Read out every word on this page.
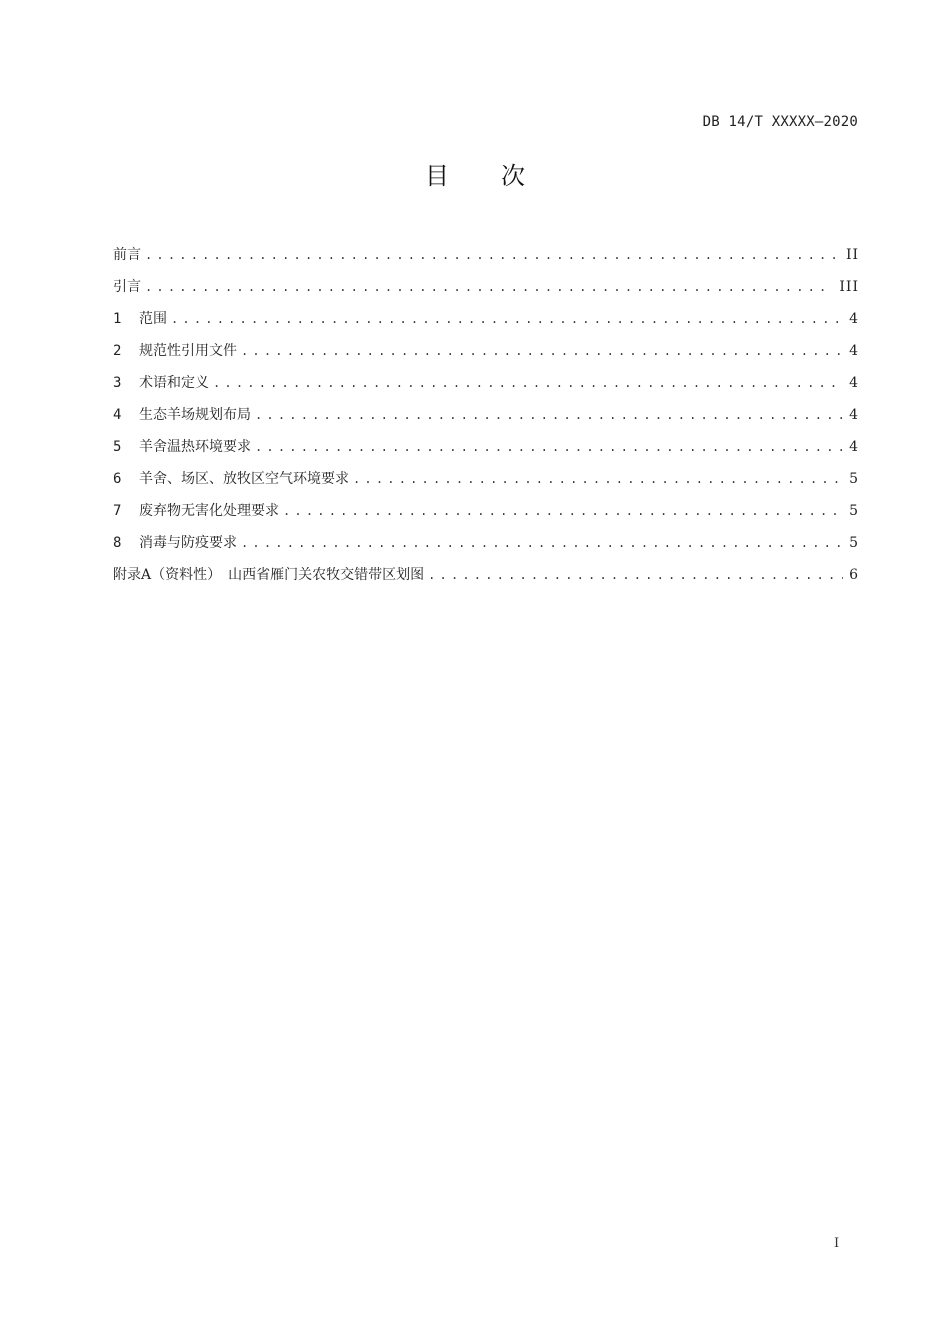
DB 14/T XXXXX—2020
目 次
前言 .....	II
引言 .....	III
1	范围 .....	4
2	规范性引用文件 .....	4
3	术语和定义 .....	4
4	生态羊场规划布局 .....	4
5	羊舍温热环境要求 .....	4
6	羊舍、场区、放牧区空气环境要求 .....	5
7	废弃物无害化处理要求 .....	5
8	消毒与防疫要求 .....	5
附录A（资料性）　山西省雁门关农牧交错带区划图 .....	6
I
